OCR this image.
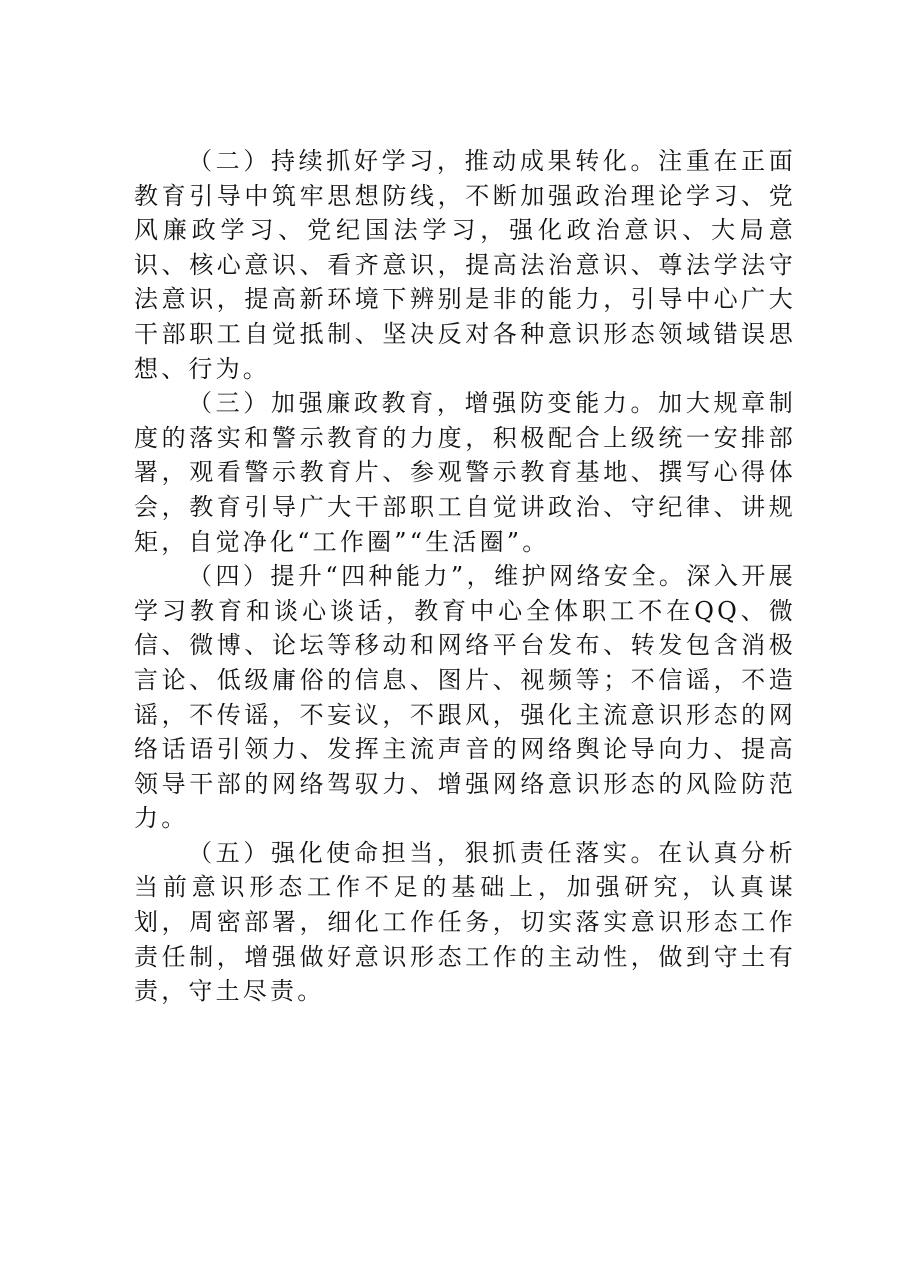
（二）持续抓好学习，推动成果转化。注重在正面教育引导中筑牢思想防线，不断加强政治理论学习、党风廉政学习、党纪国法学习，强化政治意识、大局意识、核心意识、看齐意识，提高法治意识、尊法学法守法意识，提高新环境下辨别是非的能力，引导中心广大干部职工自觉抵制、坚决反对各种意识形态领域错误思想、行为。

（三）加强廉政教育，增强防变能力。加大规章制度的落实和警示教育的力度，积极配合上级统一安排部署，观看警示教育片、参观警示教育基地、撰写心得体会，教育引导广大干部职工自觉讲政治、守纪律、讲规矩，自觉净化“工作圈”“生活圈”。

（四）提升“四种能力”，维护网络安全。深入开展学习教育和谈心谈话，教育中心全体职工不在QQ、微信、微博、论坛等移动和网络平台发布、转发包含消极言论、低级庸俗的信息、图片、视频等；不信谣，不造谣，不传谣，不妄议，不跟风，强化主流意识形态的网络话语引领力、发挥主流声音的网络舆论导向力、提高领导干部的网络驾驭力、增强网络意识形态的风险防范力。

（五）强化使命担当，狠抓责任落实。在认真分析当前意识形态工作不足的基础上，加强研究，认真谋划，周密部署，细化工作任务，切实落实意识形态工作责任制，增强做好意识形态工作的主动性，做到守土有责，守土尽责。
